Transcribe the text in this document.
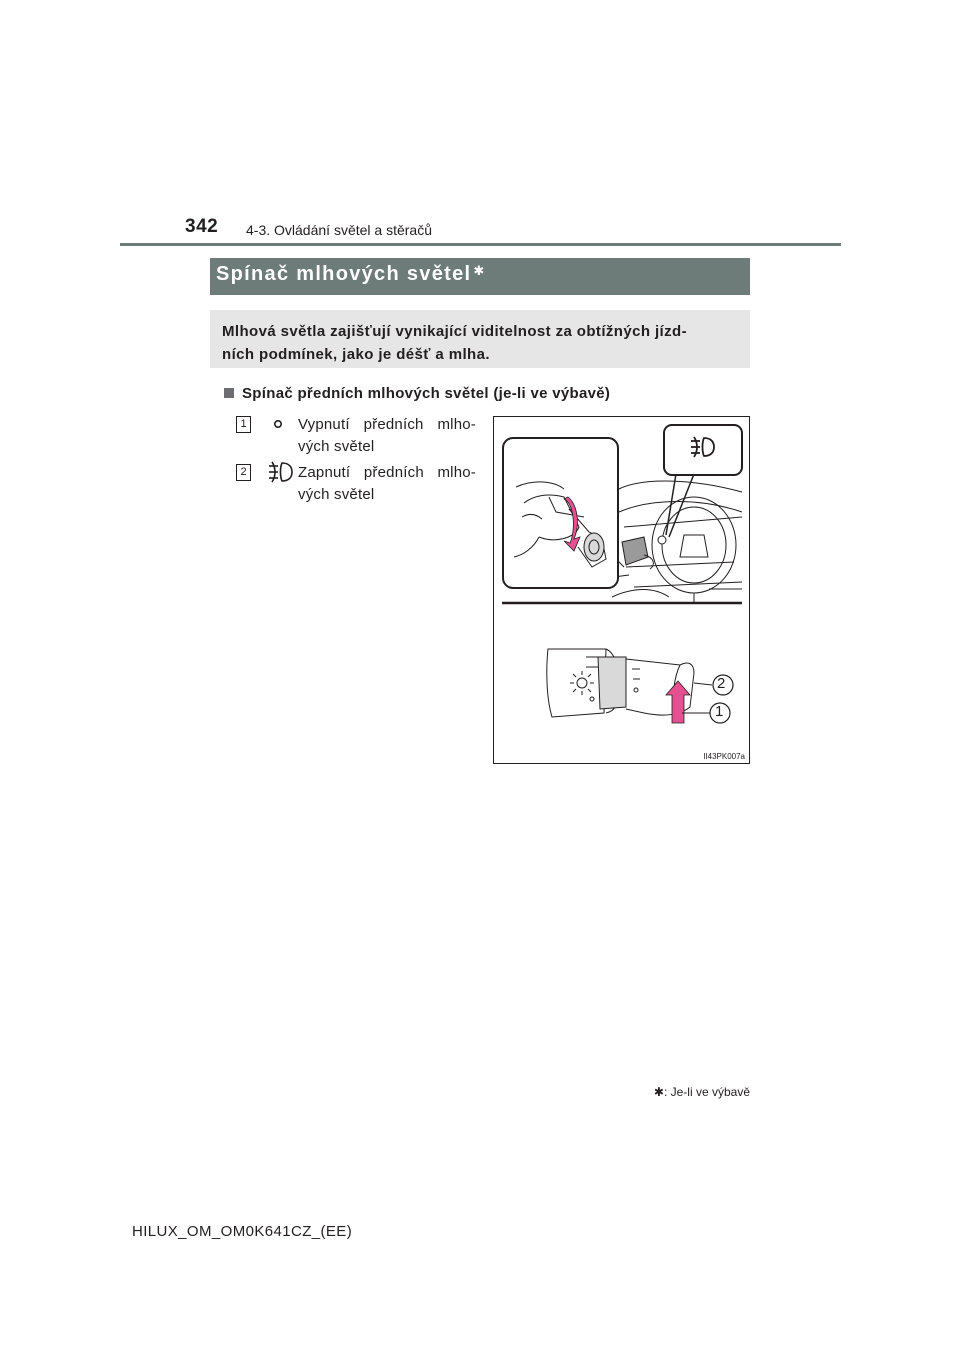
342 4-3. Ovládání světel a stěračů
Spínač mlhových světel ✱
Mlhová světla zajišťují vynikající viditelnost za obtížných jízd-
ních podmínek, jako je déšť a mlha.
Spínač předních mlhových světel (je-li ve výbavě)
1	Vypnutí předních mlho-
vých světel
2	Zapnutí předních mlho-
vých světel
2
1
II43PK007a
✱: Je-li ve výbavě
HILUX_OM_OM0K641CZ_(EE)
